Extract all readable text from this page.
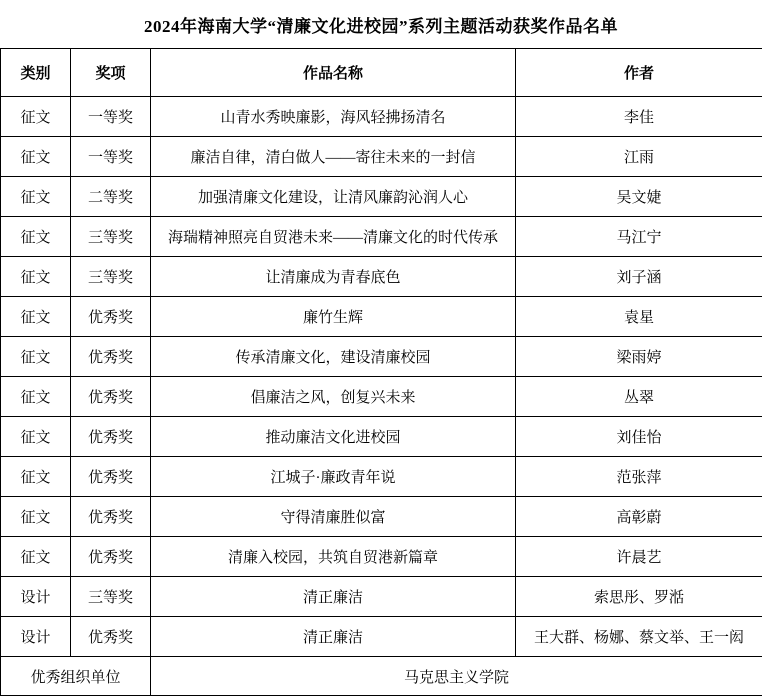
2024年海南大学“清廉文化进校园”系列主题活动获奖作品名单
类别	奖项	作品名称	作者
征文	一等奖	山青水秀映廉影，海风轻拂扬清名	李佳
征文	一等奖	廉洁自律，清白做人——寄往未来的一封信	江雨
征文	二等奖	加强清廉文化建设，让清风廉韵沁润人心	吴文婕
征文	三等奖	海瑞精神照亮自贸港未来——清廉文化的时代传承	马江宁
征文	三等奖	让清廉成为青春底色	刘子涵
征文	优秀奖	廉竹生辉	袁星
征文	优秀奖	传承清廉文化，建设清廉校园	梁雨婷
征文	优秀奖	倡廉洁之风，创复兴未来	丛翠
征文	优秀奖	推动廉洁文化进校园	刘佳怡
征文	优秀奖	江城子·廉政青年说	范张萍
征文	优秀奖	守得清廉胜似富	高彰蔚
征文	优秀奖	清廉入校园，共筑自贸港新篇章	许晨艺
设计	三等奖	清正廉洁	索思彤、罗湉
设计	优秀奖	清正廉洁	王大群、杨娜、蔡文举、王一闳
优秀组织单位		马克思主义学院	
